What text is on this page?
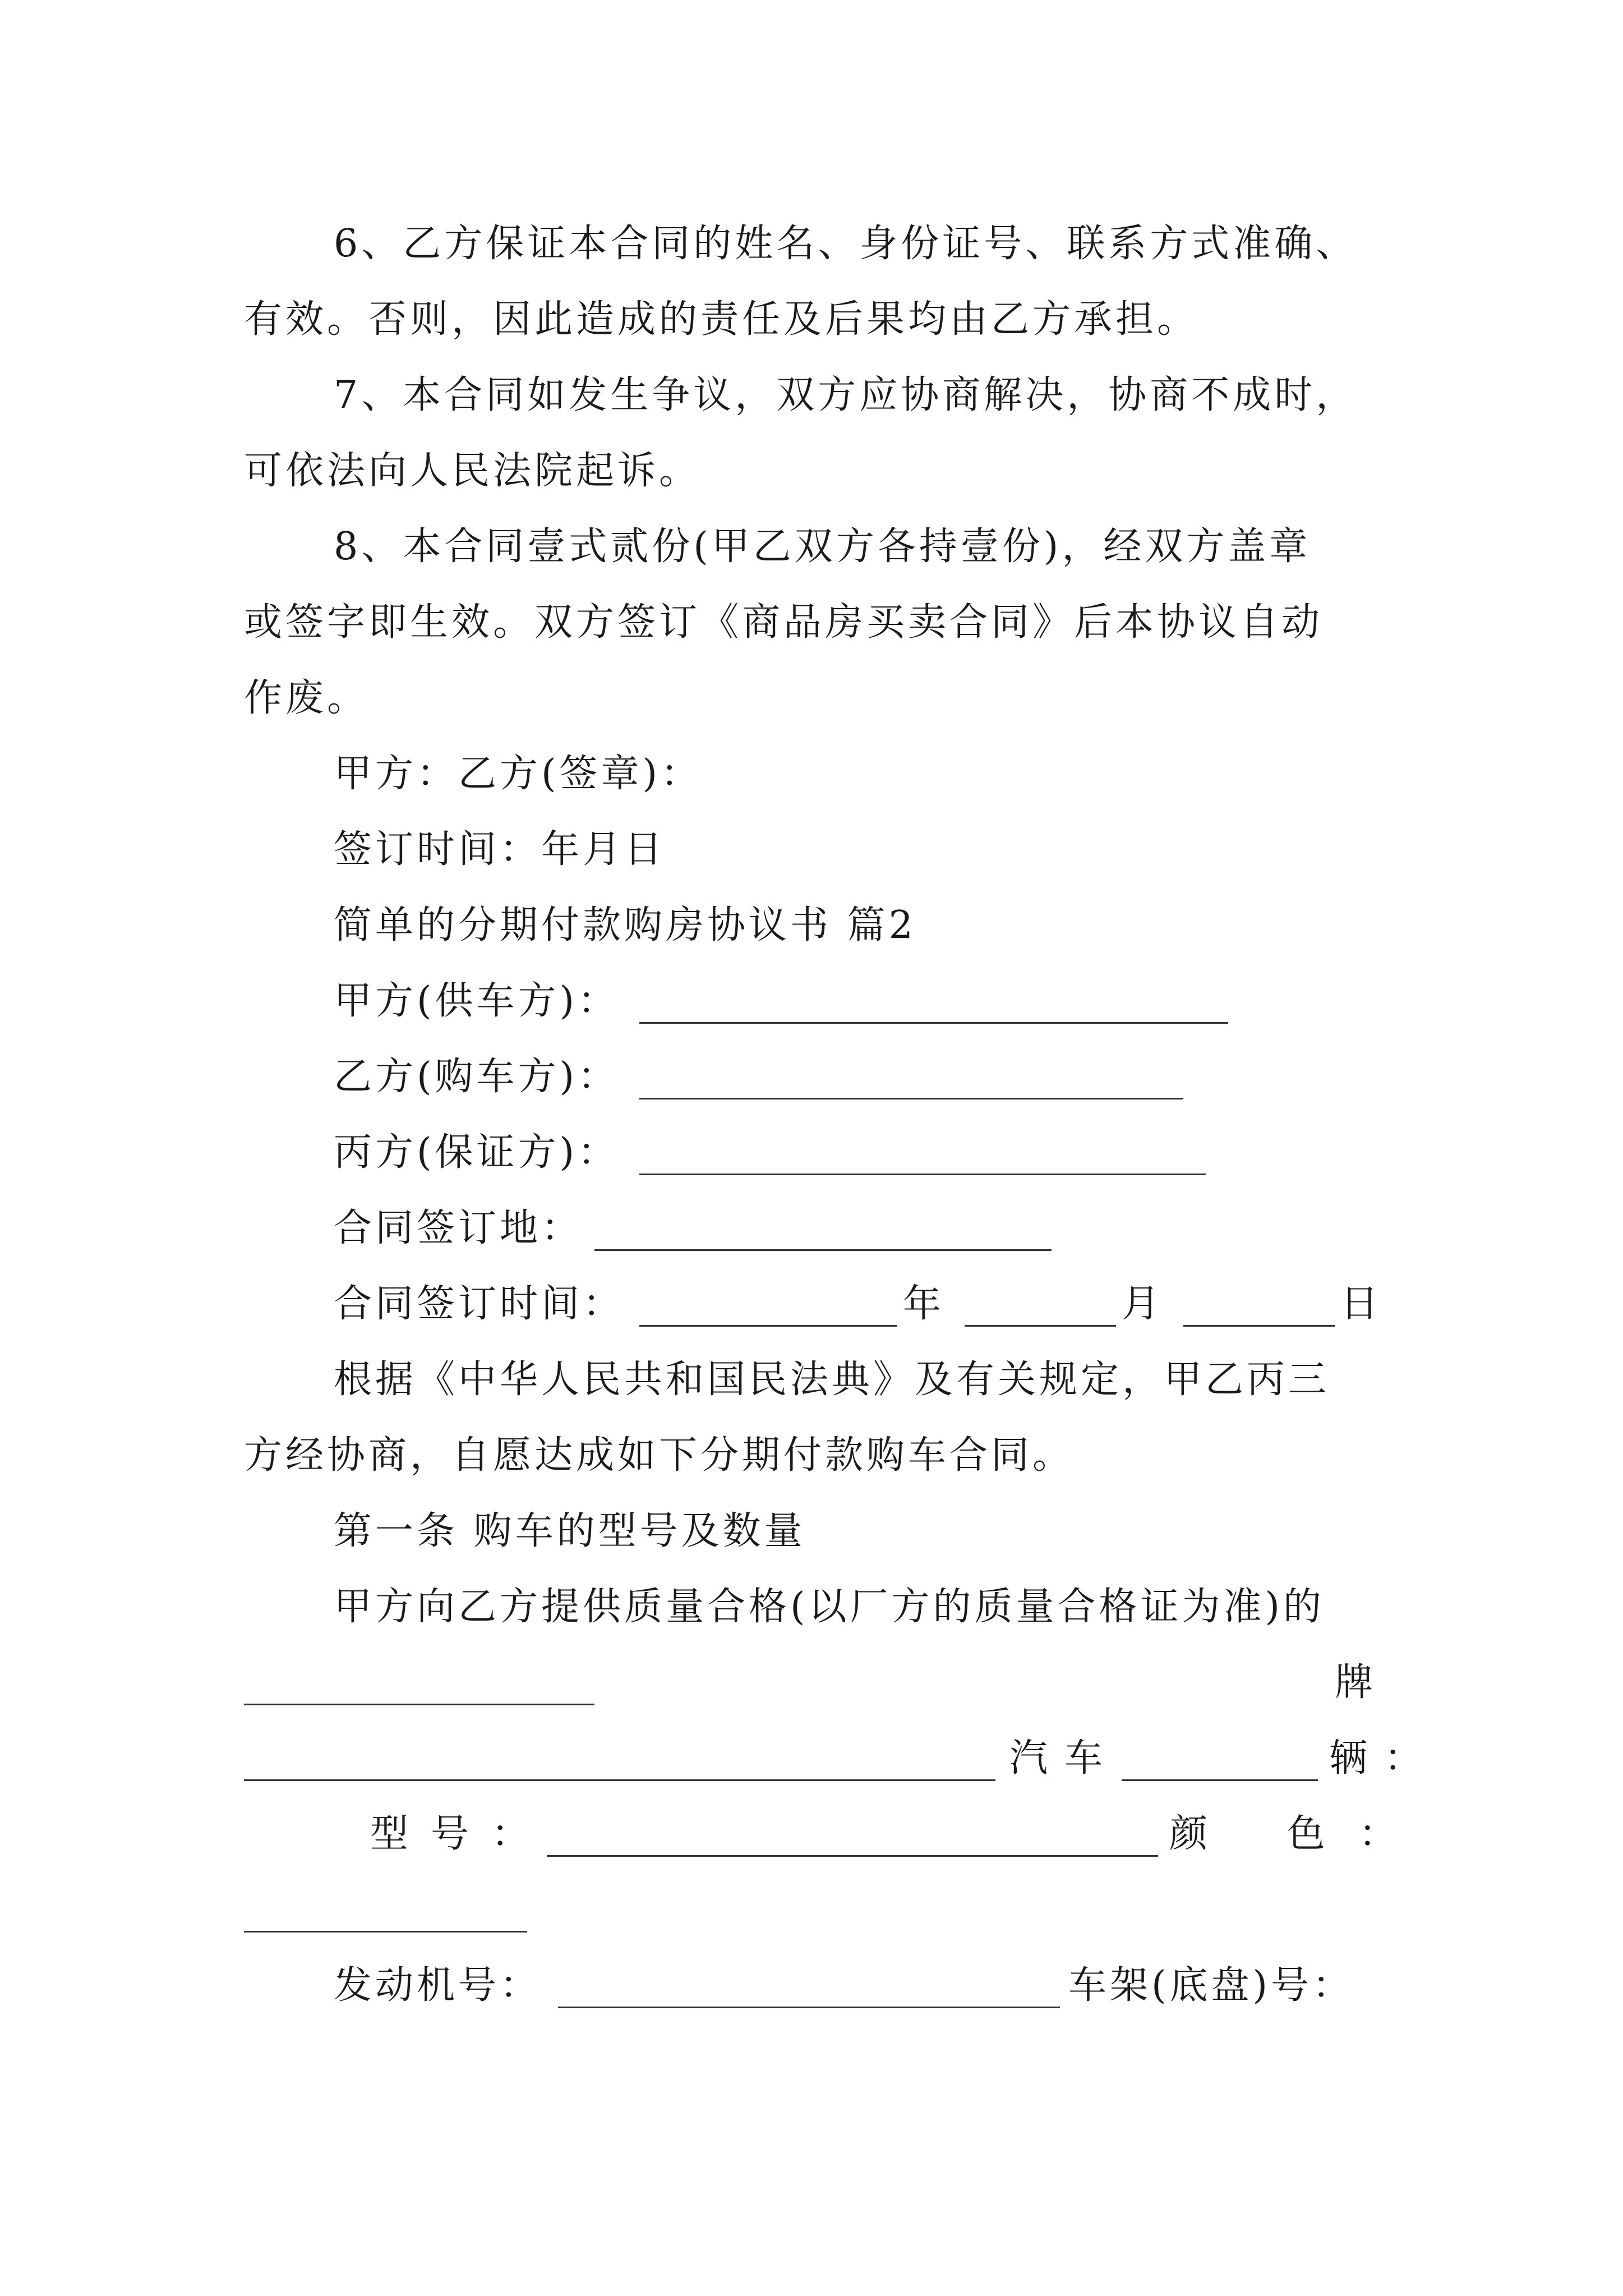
6、乙方保证本合同的姓名、身份证号、联系方式准确、
有效。否则，因此造成的责任及后果均由乙方承担。
7、本合同如发生争议，双方应协商解决，协商不成时，
可依法向人民法院起诉。
8、本合同壹式贰份(甲乙双方各持壹份)，经双方盖章
或签字即生效。双方签订《商品房买卖合同》后本协议自动
作废。
甲方：乙方(签章)：
签订时间：年月日
简单的分期付款购房协议书 篇2
甲方(供车方)：
乙方(购车方)：
丙方(保证方)：
合同签订地：
合同签订时间：	年	月	日
根据《中华人民共和国民法典》及有关规定，甲乙丙三
方经协商，自愿达成如下分期付款购车合同。
第一条 购车的型号及数量
甲方向乙方提供质量合格(以厂方的质量合格证为准)的
牌
汽车	辆：
型号：	颜 色：
发动机号：	车架(底盘)号：
